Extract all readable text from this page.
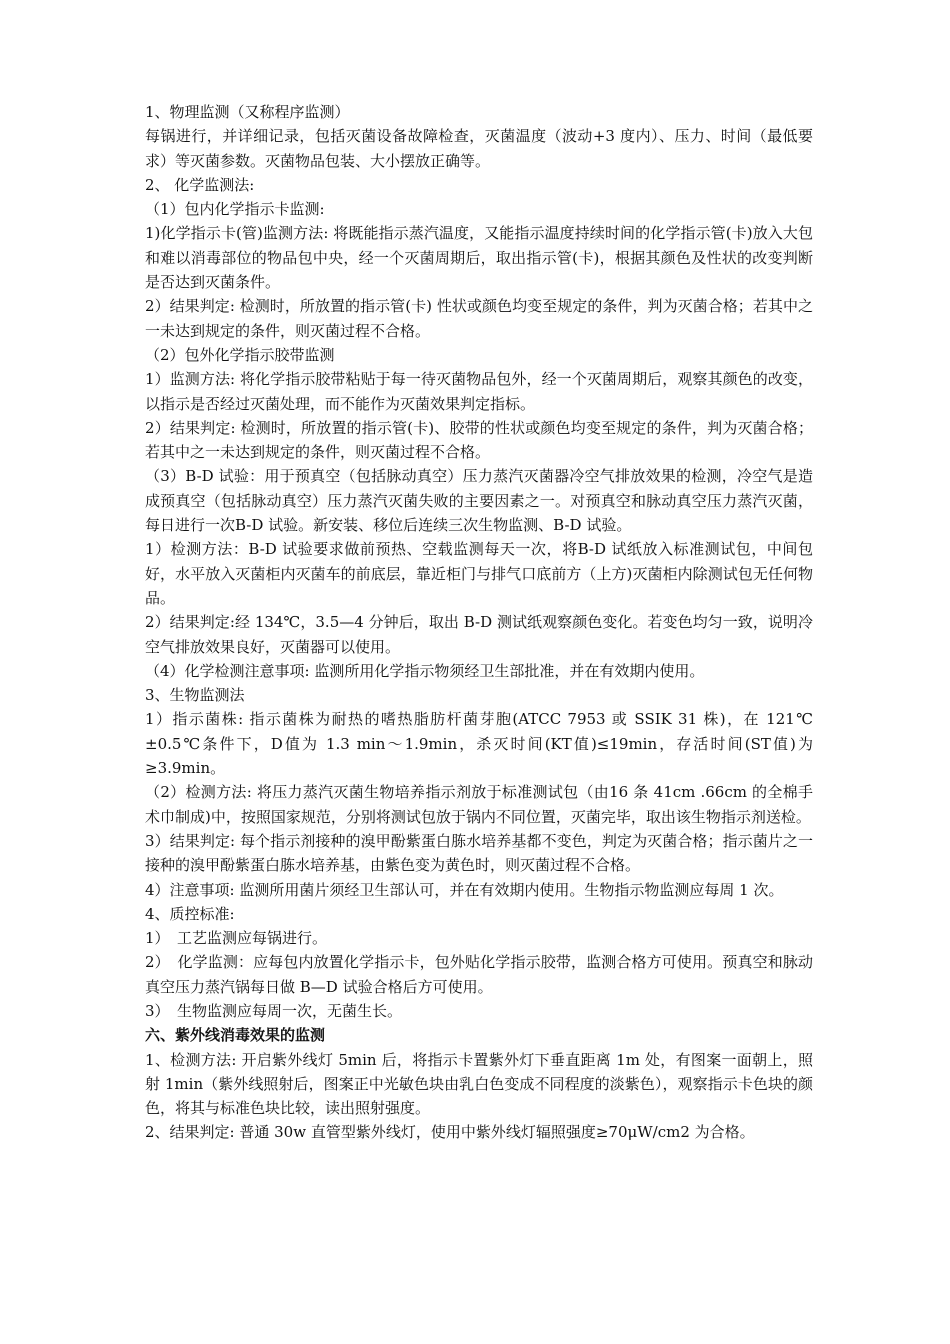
1、物理监测（又称程序监测）

每锅进行，并详细记录，包括灭菌设备故障检查，灭菌温度（波动+3 度内）、压力、时间（最低要求）等灭菌参数。灭菌物品包装、大小摆放正确等。

2、 化学监测法:

（1）包内化学指示卡监测:

1)化学指示卡(管)监测方法: 将既能指示蒸汽温度，又能指示温度持续时间的化学指示管(卡)放入大包和难以消毒部位的物品包中央，经一个灭菌周期后，取出指示管(卡)，根据其颜色及性状的改变判断是否达到灭菌条件。

2）结果判定: 检测时，所放置的指示管(卡) 性状或颜色均变至规定的条件，判为灭菌合格；若其中之一未达到规定的条件，则灭菌过程不合格。

（2）包外化学指示胶带监测

1）监测方法: 将化学指示胶带粘贴于每一待灭菌物品包外，经一个灭菌周期后，观察其颜色的改变，以指示是否经过灭菌处理，而不能作为灭菌效果判定指标。

2）结果判定: 检测时，所放置的指示管(卡)、胶带的性状或颜色均变至规定的条件，判为灭菌合格；若其中之一未达到规定的条件，则灭菌过程不合格。

（3）B-D 试验：用于预真空（包括脉动真空）压力蒸汽灭菌器冷空气排放效果的检测，冷空气是造成预真空（包括脉动真空）压力蒸汽灭菌失败的主要因素之一。对预真空和脉动真空压力蒸汽灭菌，每日进行一次B-D 试验。新安装、移位后连续三次生物监测、B-D 试验。

1）检测方法：B-D 试验要求做前预热、空载监测每天一次，将B-D 试纸放入标准测试包，中间包好，水平放入灭菌柜内灭菌车的前底层，靠近柜门与排气口底前方（上方)灭菌柜内除测试包无任何物品。

2）结果判定:经 134℃，3.5—4 分钟后，取出 B-D 测试纸观察颜色变化。若变色均匀一致，说明冷空气排放效果良好，灭菌器可以使用。

（4）化学检测注意事项: 监测所用化学指示物须经卫生部批准，并在有效期内使用。

3、生物监测法

1）指示菌株: 指示菌株为耐热的嗜热脂肪杆菌芽胞(ATCC 7953 或 SSIK 31 株)，在 121℃±0.5℃条件下，D值为 1.3 min～1.9min，杀灭时间(KT值)≤19min，存活时间(ST值)为≥3.9min。

（2）检测方法: 将压力蒸汽灭菌生物培养指示剂放于标准测试包（由16 条 41cm .66cm 的全棉手术巾制成)中，按照国家规范，分别将测试包放于锅内不同位置，灭菌完毕，取出该生物指示剂送检。

3）结果判定: 每个指示剂接种的溴甲酚紫蛋白胨水培养基都不变色，判定为灭菌合格；指示菌片之一接种的溴甲酚紫蛋白胨水培养基，由紫色变为黄色时，则灭菌过程不合格。

4）注意事项: 监测所用菌片须经卫生部认可，并在有效期内使用。生物指示物监测应每周 1 次。

4、质控标准:

1）　工艺监测应每锅进行。

2）　化学监测：应每包内放置化学指示卡，包外贴化学指示胶带，监测合格方可使用。预真空和脉动真空压力蒸汽锅每日做 B—D 试验合格后方可使用。

3）　生物监测应每周一次，无菌生长。

六、紫外线消毒效果的监测

1、检测方法: 开启紫外线灯 5min 后，将指示卡置紫外灯下垂直距离 1m 处，有图案一面朝上，照射 1min（紫外线照射后，图案正中光敏色块由乳白色变成不同程度的淡紫色），观察指示卡色块的颜色，将其与标准色块比较，读出照射强度。

2、结果判定: 普通 30w 直管型紫外线灯，使用中紫外线灯辐照强度≥70μW/cm2 为合格。
